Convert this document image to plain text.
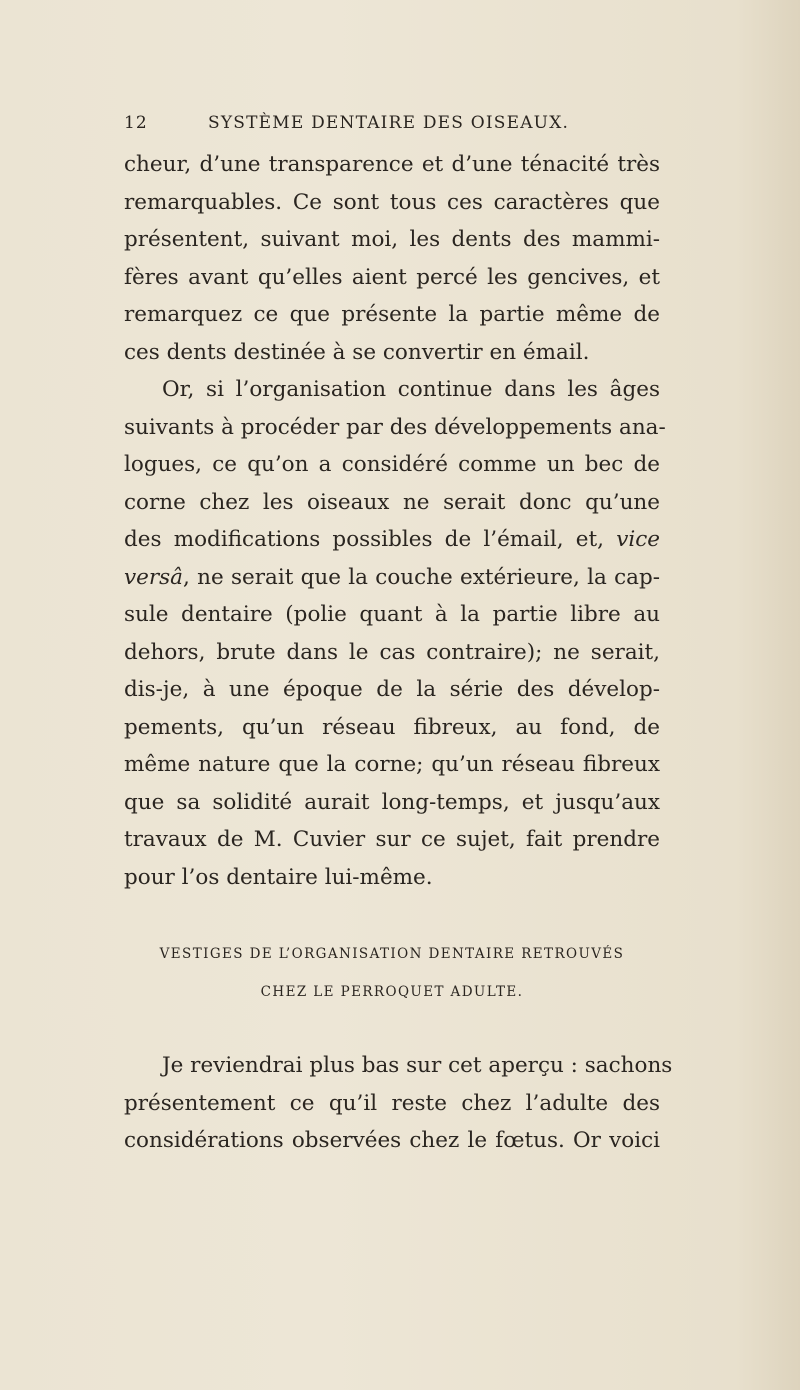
12	SYSTÈME DENTAIRE DES OISEAUX.
cheur, d’une transparence et d’une ténacité très
remarquables. Ce sont tous ces caractères que
présentent, suivant moi, les dents des mammi-
fères avant qu’elles aient percé les gencives, et
remarquez ce que présente la partie même de
ces dents destinée à se convertir en émail.
Or, si l’organisation continue dans les âges
suivants à procéder par des développements ana-
logues, ce qu’on a considéré comme un bec de
corne chez les oiseaux ne serait donc qu’une
des modifications possibles de l’émail, et, vice
versâ, ne serait que la couche extérieure, la cap-
sule dentaire (polie quant à la partie libre au
dehors, brute dans le cas contraire); ne serait,
dis-je, à une époque de la série des dévelop-
pements, qu’un réseau fibreux, au fond, de
même nature que la corne; qu’un réseau fibreux
que sa solidité aurait long-temps, et jusqu’aux
travaux de M. Cuvier sur ce sujet, fait prendre
pour l’os dentaire lui-même.
VESTIGES DE L’ORGANISATION DENTAIRE RETROUVÉS
CHEZ LE PERROQUET ADULTE.
Je reviendrai plus bas sur cet aperçu : sachons
présentement ce qu’il reste chez l’adulte des
considérations observées chez le fœtus. Or voici
